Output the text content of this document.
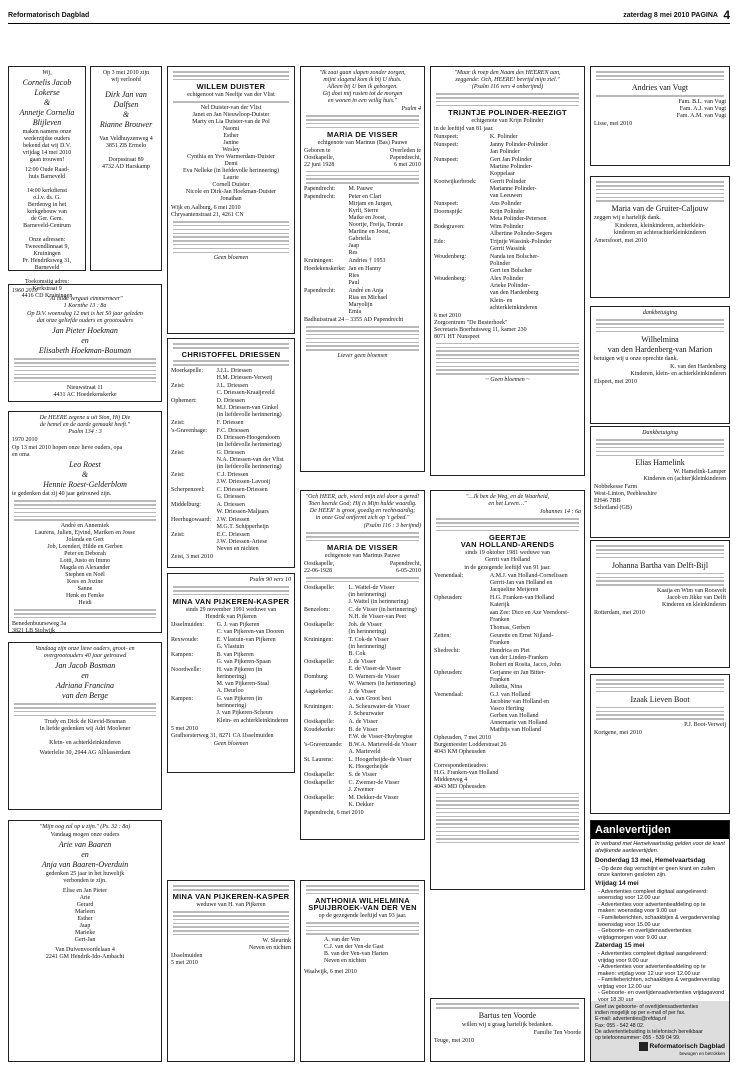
Reformatorisch Dagblad	zaterdag 8 mei 2010 PAGINA 4

Wij,

Cornelis Jacob
Lokerse
&
Annetje Cornelia
Blijleven

maken namens onze
wederzijdse ouders
bekend dat wij D.V.
vrijdag 14 mei 2010
gaan trouwen!

12:00 Oude Raad-
huis Barneveld

14:00 kerkdienst
o.l.v. ds. G.
Berdenvg in het
kerkgebouw van
de Ger. Gem.
Barneveld-Centrum

Onze adressen:
Tweeendlinnaat 9,
Kruiningen
Pr. Hendriksweg 31,
Barneveld

Toekomstig adres:
Kerkstraat 9
4416 CD Kruiningen

Op 3 mei 2010 zijn
wij verloofd

Dirk Jan van
Dalfsen
&
Rianne Brouwer

Van Veldhuyzenweg 4
3851 ZB Ermelo

Dorpsstraat 89
4732 AD Harskamp

1960 2010

"Al hilde vergaat eimmermeer"
1 Kornthe 13 : 8a

Op D.V. woensdag 12 mei is het 50 jaar geleden
dat onze geliefde ouders en grootouders

Jan Pieter Hoekman
en
Elisabeth Hoekman-Bouman

Nieuwstraat 11
4431 AC Hoedekenskerke

De HEERE zegene u uit Sion, Hij Die
de hemel en de aarde gemaakt heeft."
Psalm 134 : 3

1970 2010

Op 13 mei 2010 hopen onze lieve ouders, opa
en oma

Leo Roest
&
Hennie Roest-Gelderblom

te gedenken dat zij 40 jaar getrouwd zijn.

André en Annemiek
Laurens, Julien, Ejvind, Mariken en Josse
Jolanda en Gert
Job, Leendert, Hilde en Gerben
Peter en Deborah
Lotti, Justo en Immo
Magda en Alexander
Stephen en Noël
Kees en Jozine
Sanne
Henk en Femke
Heidi

Benedenbuurseweg 3a
3821 LB Stolwijk

Vandaag zijn onze lieve ouders, groot- en
overgrootouders 40 jaar getrouwd

Jan Jacob Bosman
en
Adriana Francina
van den Berge

Trudy en Dick de Kievid-Bosman
In liefde gedenken wij Adri Moolener

Klein- en achterkleinkinderen

Waterlelie 30, 2944 AG Alblasserdam

"Mijn oog zal op u zijn." (Ps. 32 : 8a)

Vandaag mogen onze ouders

Arie van Baaren
en
Anja van Baaren-Overduin

gedenken 25 jaar in het huwelijk
verbonden te zijn.

Elise en Jan Pieter
Arie
Gerard
Marleen
Esther
Jaap
Marieke
Gert-Jan

Van Duivenvoordelaan 4
2241 GM Hendrik-Ido-Ambacht

WILLEM DUISTER

echtgenoot van Neeltje van der Vlist

Nel Duister-van der Vlist
Janet en Jan Nieuwloop-Duister
Marty en Lia Duister-van de Pol
Naomi
Esther
Janine
Wesley
Cynthia en Yvo Warmerdam-Duister
Demi
Eva Nelleke (in liefdevolle herinnering)
Laurie
Cornell Duister
Nicole en Dirk-Jan Hoekman-Duister
Jonathan

Wijk en Aalburg, 6 mei 2010
Chrysantenstraat 21, 4261 CN

Geen bloemen

CHRISTOFFEL DRIESSEN

Moerkapelle:	J.J.L. Driessen
H.M. Driessen-Verweij
Zeist:	J.L. Driessen
C. Driessen-Kraaijeveld
Ophemert:	D. Driessen
M.J. Driessen-van Ginkel
(in liefdevolle herinnering)
Zeist:	F. Driessen
's-Gravenhage:	F.C. Driessen
D. Driessen-Hoogendoorn
(in liefdevolle herinnering)
Zeist:	G. Driessen
N.A. Driessen-van der Vlist
(in liefdevolle herinnering)
Zeist:	C.J. Driessen
J.W. Driessen-Lavooij
Scherpenzeel:	C. Driessen-Driessen
G. Driessen
Middelburg:	A. Driessen
W. Driessen-Maljaars
Heerhugowaard: J.W. Driessen
M.G.T. Schipperheijn
Zeist:	E.C. Driessen
J.W. Driessen-Ariese
Neven en nichten

Zeist, 3 mei 2010

Psalm 90 vers 10

MINA VAN PIJKEREN-KASPER

sinds 29 november 1991 weduwe van
Hendrik van Pijkeren

IJsselmuiden:	G. J. van Pijkeren
C. van Pijkeren-van Dooren
Rexwoude:	E. Vlastuin-van Pijkeren
G. Vlastuin
Kampen:	B. van Pijkeren
G. van Pijkeren-Spaan
Noordwelle:	H. van Pijkeren (in herinnering)
M. van Pijkeren-Staal
A. Deurloo
Kampen:	G. van Pijkeren (in herinnering)
J. van Pijkeren-Scheurs
Klein- en achterkleinkinderen

5 mei 2010
Grafhorsterweg 31, 8271 CA IJsselmuiden

Geen bloemen

MINA VAN PIJKEREN-KASPER

weduwe van H. van Pijkeren

W. Sleurink
Neven en nichten

IJsselmuiden
5 mei 2010

"Ik zaai gaan slapen zonder zorgen,
mijnt slagend kom ik bij U thuis.
Alleen bij U ben ik geborgen.
Gij doet mij rusten tot de morgen
en wonen in een veilig huis."

Psalm 4

MARIA DE VISSER

echtgenote van Marinus (Bas) Pauwe

Geboren te
Oostkapelle,
22 juni 1928
Overleden te
Papendrecht,
6 mei 2010
Papendrecht:	M. Pauwe
Papendrecht:	Peter en Clari
Mirjam en Jurgen,
Kyrli, Sterre
Maike en Joost,
Noortje, Freija, Tonnie
Martine en Joost,
Gabriella
Jaap
Res
Kruiningen:	Andries † 1953
Hoedekenskerke: Jan en Hanny
Ries
Paul
Papendrecht:	André en Anja
Rias en Michael
Maryolijn
Emia

Badhuisstraat 24 – 3355 AD Papendrecht

Liever geen bloemen

"Och HEER, ach, wierd mijn ziel door u gered!
Toen heerde God; Hij is Mijn hulde waardig.
De HEER' is groot, goedig en rechtvaardig;
in onze God ontfermt zich op 't gebed."

(Psalm 116 : 3 berijmd)

MARIA DE VISSER

echtgenote van Marinus Pauwe

Oostkapelle,
22-06-1928
Papendrecht,
6-05-2010
Oostkapelle:	L. Wattel-de Visser
(in herinnering)
J. Wattel (in herinnering)
Benzelom:	C. de Visser (in herinnering)
N.H. de Visser-van Peet
Oostkapelle:	Joh. de Visser
(in herinnering)
Kruiningen:	T. Cok-de Visser
(in herinnering)
B. Cok
Oostkapelle:	J. de Visser
E. de Visser-de Visser
Domburg:	D. Warners-de Visser
W. Warners (in herinnering)
Aagtekerke:	J. de Visser
A. van Groot best
Kruiningen:	A. Scheurwater-de Visser
J. Scheurwater
Oostkapelle:	A. de Visser
Koudekerke:	B. de Visser
F.W. de Visser-Huybregtse
's-Gravenzande: B.W.A. Marteveld-de Visser
A. Marteveld
St. Laurens:	L. Hoogerheijde-de Visser
K. Hoogerheijde
Oostkapelle:	S. de Visser
Oostkapelle:	C. Zwemer-de Visser
J. Zwemer
Oostkapelle:	M. Dekker-de Visser
K. Dekker

Papendrecht, 6 mei 2010

ANTHONIA WILHELMINA
SPUIJBROEK-VAN DER VEN

op de gezegende leeftijd van 93 jaar.

A. van der Ven
C.J. van der Ven-de Gast
B. van der Ven-van Harten
Neven en nichten

Waalwijk, 6 mei 2010

"Maar ik roep den Naam des HEEREN aan,
zeggende: Och, HEERE! bevrijd mijn ziel."
(Psalm 116 vers 4 onberijmd)

TRIJNTJE POLINDER-REEZIGT

echtgenote van Krijn Polinder

in de leeftijd van 81 jaar.

Nunspeet:	K. Polinder
Nunspeet:	Janny Polinder-Polinder
Jan Polinder
Nunspeet:	Gert Jan Polinder
Martine Polinder-
Koppelaar
Kootwijkerbroek:	Gerrit Polinder
Marianne Polinder-
van Leeuwen
Nunspeet:	Ans Polinder
Doornspijk:	Krijn Polinder
Meta Polinder-Peterson
Bodegraven:	Wim Polinder
Albertine Polinder-Segers
Ede:	Trijntje Wassink-Polinder
Gerrit Wassink
Woudenberg:	Nanda ten Bolscher-
Polinder
Gert ten Bolscher
Woudenberg:	Alex Polinder
Arieke Polinder-
van den Hardenberg
Klein- en
achterkleinkinderen

6 mei 2010
Zorgcentrum "De Busterhoek"
Secretaris Boerhuisweg 11, kamer 230
8071 HT Nunspeet

~ Geen bloemen ~

"…Ik ben de Weg, en de Waarheid,
en het Leven…"

Johannes 14 : 6a

GEERTJE
VAN HOLLAND-ARENDS

sinds 19 oktober 1981 weduwe van
Gerrit van Holland

in de gezegende leeftijd van 91 jaar.

Veenendaal:	A.M.J. van Holland-Cornelissen
Gerrit-Jan van Holland en
Jacqueline Meijeren
Opheusden:	H.G. Franken-van Holland
Katerijk
aan Zee: Dico en Aze Veendorst-
Franken
Thomas, Gerben
Zetten:	Geurette en Ernst Nijland-
Franken
Sliedrecht:	Hendrica en Piet
van der Linden-Franken
Robert en Rosita, Jacco, John
Opheusden:	Gerjanne en Jan Bitter-
Franken
Julietta, Nina
Veenendaal:	G.J. van Holland
Jacobine van Holland en
Vasco Herting
Gerben van Holland
Annemarie van Holland
Matthijs van Holland

Opheusden, 7 mei 2010
Burgemeester Lodderstraat 26
4043 KM Opheusden

Correspondentieadres:
H.G. Franken-van Holland
Middenweg 4
4043 MD Opheusden

Bartus ten Voorde

willen wij u graag hartelijk bedanken.

Familie Ten Voorde

Teuge, mei 2010

Andries van Vugt

Fam. B.L. van Vugt
Fam. A.J. van Vugt
Fam. A.M. van Vugt

Lisse, mei 2010

Maria van de Gruiter-Caljouw

zeggen wij u hartelijk dank.

Kinderen, kleinkinderen, achterklein-
kinderen en achterachterkleinkinderen

Amersfoort, mei 2010

dankbetuiging

Wilhelmina
van den Hardenberg-van Marion

betuigen wij u onze oprechte dank.

K. van den Hardenberg
Kinderen, klein- en achterkleinkinderen

Elspeet, mei 2010

Dankbetuiging

Elias Hamelink

W. Hamelink-Lamper
Kinderen en (achter)kleinkinderen

Nobbekesse Farm
West-Linton, Peeblesshire
EH46 7BB
Schotland (GB)

Johanna Bartha van Delft-Bijl

Kaaija en Wim van Roosvelt
Jacob en Jikke van Delft
Kinderen en kleinkinderen

Rotterdam, mei 2010

Izaak Lieven Boot

P.J. Boot-Verweij

Kortgene, mei 2010

Aanlevertijden
In verband met Hemelvaartsdag gelden voor de krant afwijkende aanlevertijden.
Donderdag 13 mei, Hemelvaartsdag
- Op deze dag verschijnt er geen krant en zullen onze kantoren gesloten zijn.
Vrijdag 14 mei
- Advertenties compleet digitaal aangeleverd: woensdag voor 12.00 uur
- Advertenties voor advertentieafdeling op te maken: woensdag voor 9.00 uur
- Familieberichten, schaakbijes & vergaderverslag woensdag voor 15.00 uur
- Geboorte- en overlijdensadvertenties vrijdagmorgen voor 9.00 uur
Zaterdag 15 mei
- Advertenties compleet digitaal aangeleverd: vrijdag voor 9.00 uur
- Advertenties voor advertentieafdeling op te maken: vrijdag voor 12 uur voor 12.00 uur
- Familieberichten, schaakbijes & vergaderverslag vrijdag voor 12.00 uur
- Geboorte- en overlijdensadvertenties vrijdagavond
Geef uw geboorte- of overlijdensadvertenties
indien mogelijk op per e-mail of per fax.
E-mail: advertenties@refdag.nl
Fax: 055 - 542 48 02.
De advertentiebuiding is telefonisch bereikbaar
op telefoonnummer: 055 - 539 04 99.
Reformatorisch Dagblad
bewogen en betrokken
